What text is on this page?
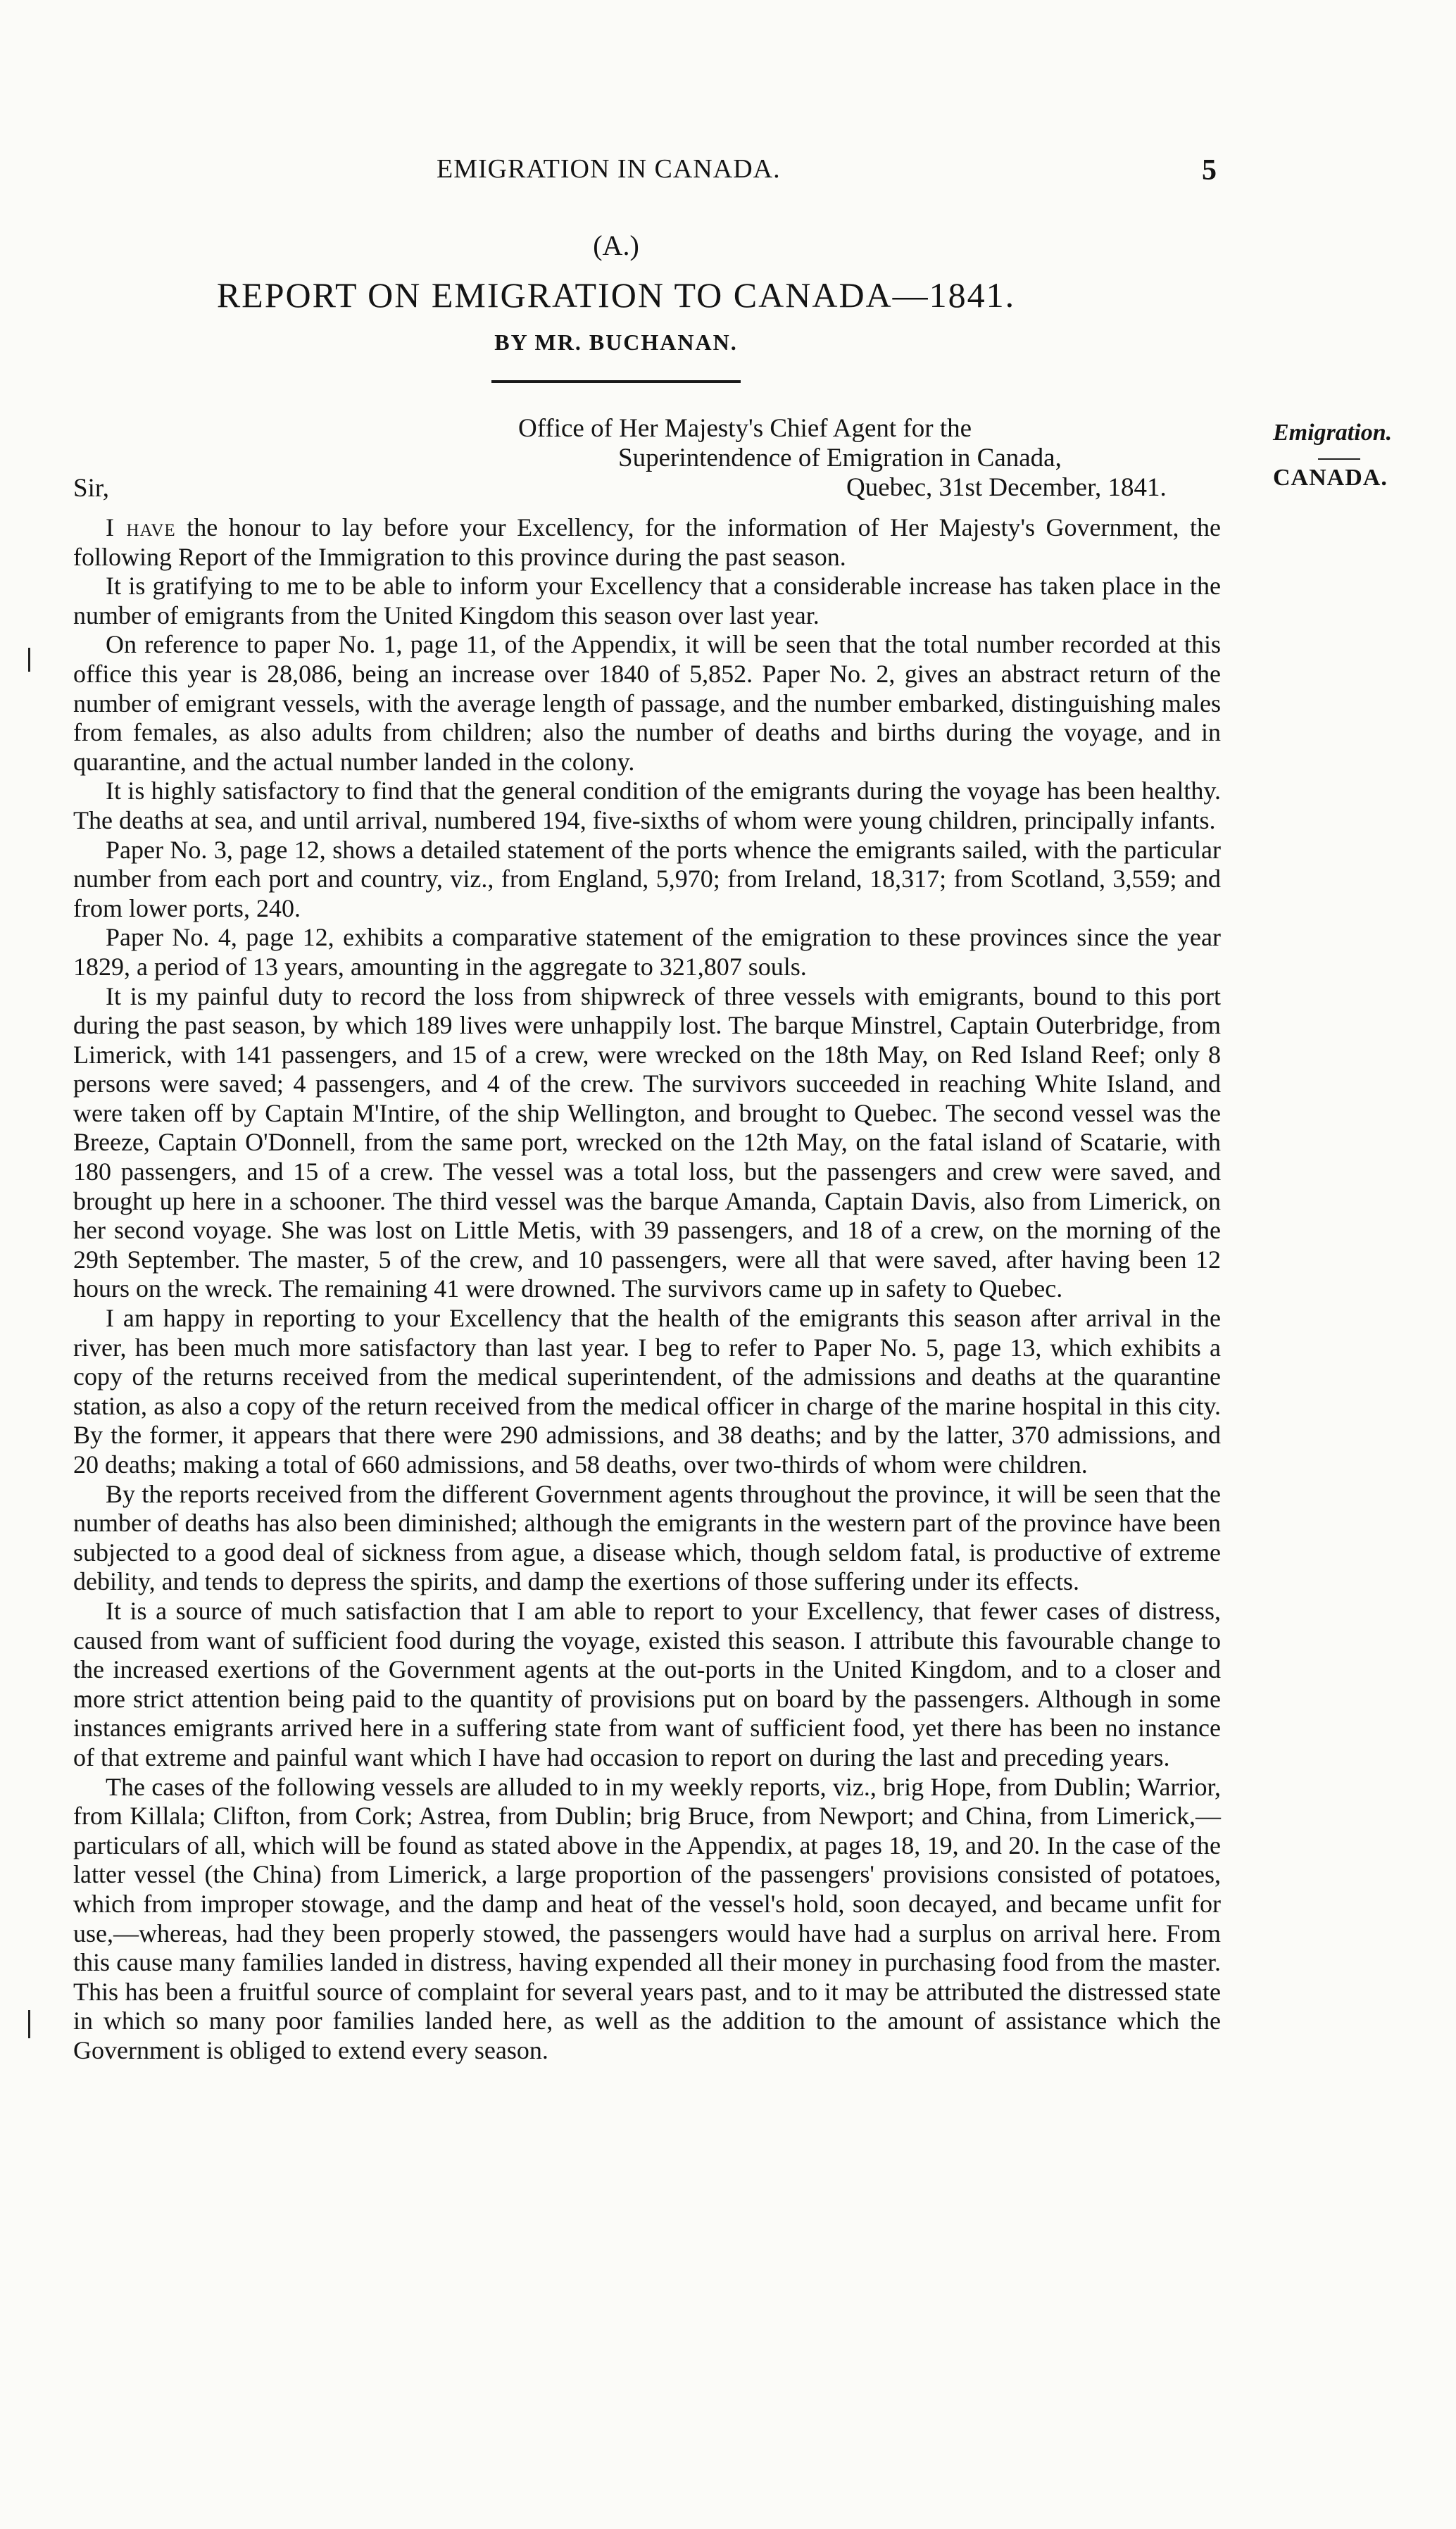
EMIGRATION IN CANADA.	5
(A.)
REPORT ON EMIGRATION TO CANADA—1841.
BY MR. BUCHANAN.
Office of Her Majesty's Chief Agent for the
Superintendence of Emigration in Canada,
Quebec, 31st December, 1841.
Sir,
Emigration.
CANADA.

I have the honour to lay before your Excellency, for the information of Her Majesty's Government, the following Report of the Immigration to this province during the past season.

It is gratifying to me to be able to inform your Excellency that a considerable increase has taken place in the number of emigrants from the United Kingdom this season over last year.

On reference to paper No. 1, page 11, of the Appendix, it will be seen that the total number recorded at this office this year is 28,086, being an increase over 1840 of 5,852. Paper No. 2, gives an abstract return of the number of emigrant vessels, with the average length of passage, and the number embarked, distinguishing males from females, as also adults from children; also the number of deaths and births during the voyage, and in quarantine, and the actual number landed in the colony.

It is highly satisfactory to find that the general condition of the emigrants during the voyage has been healthy. The deaths at sea, and until arrival, numbered 194, five-sixths of whom were young children, principally infants.

Paper No. 3, page 12, shows a detailed statement of the ports whence the emigrants sailed, with the particular number from each port and country, viz., from England, 5,970; from Ireland, 18,317; from Scotland, 3,559; and from lower ports, 240.

Paper No. 4, page 12, exhibits a comparative statement of the emigration to these provinces since the year 1829, a period of 13 years, amounting in the aggregate to 321,807 souls.

It is my painful duty to record the loss from shipwreck of three vessels with emigrants, bound to this port during the past season, by which 189 lives were unhappily lost. The barque Minstrel, Captain Outerbridge, from Limerick, with 141 passengers, and 15 of a crew, were wrecked on the 18th May, on Red Island Reef; only 8 persons were saved; 4 passengers, and 4 of the crew. The survivors succeeded in reaching White Island, and were taken off by Captain M'Intire, of the ship Wellington, and brought to Quebec. The second vessel was the Breeze, Captain O'Donnell, from the same port, wrecked on the 12th May, on the fatal island of Scatarie, with 180 passengers, and 15 of a crew. The vessel was a total loss, but the passengers and crew were saved, and brought up here in a schooner. The third vessel was the barque Amanda, Captain Davis, also from Limerick, on her second voyage. She was lost on Little Metis, with 39 passengers, and 18 of a crew, on the morning of the 29th September. The master, 5 of the crew, and 10 passengers, were all that were saved, after having been 12 hours on the wreck. The remaining 41 were drowned. The survivors came up in safety to Quebec.

I am happy in reporting to your Excellency that the health of the emigrants this season after arrival in the river, has been much more satisfactory than last year. I beg to refer to Paper No. 5, page 13, which exhibits a copy of the returns received from the medical superintendent, of the admissions and deaths at the quarantine station, as also a copy of the return received from the medical officer in charge of the marine hospital in this city. By the former, it appears that there were 290 admissions, and 38 deaths; and by the latter, 370 admissions, and 20 deaths; making a total of 660 admissions, and 58 deaths, over two-thirds of whom were children.

By the reports received from the different Government agents throughout the province, it will be seen that the number of deaths has also been diminished; although the emigrants in the western part of the province have been subjected to a good deal of sickness from ague, a disease which, though seldom fatal, is productive of extreme debility, and tends to depress the spirits, and damp the exertions of those suffering under its effects.

It is a source of much satisfaction that I am able to report to your Excellency, that fewer cases of distress, caused from want of sufficient food during the voyage, existed this season. I attribute this favourable change to the increased exertions of the Government agents at the out-ports in the United Kingdom, and to a closer and more strict attention being paid to the quantity of provisions put on board by the passengers. Although in some instances emigrants arrived here in a suffering state from want of sufficient food, yet there has been no instance of that extreme and painful want which I have had occasion to report on during the last and preceding years.

The cases of the following vessels are alluded to in my weekly reports, viz., brig Hope, from Dublin; Warrior, from Killala; Clifton, from Cork; Astrea, from Dublin; brig Bruce, from Newport; and China, from Limerick,—particulars of all, which will be found as stated above in the Appendix, at pages 18, 19, and 20. In the case of the latter vessel (the China) from Limerick, a large proportion of the passengers' provisions consisted of potatoes, which from improper stowage, and the damp and heat of the vessel's hold, soon decayed, and became unfit for use,—whereas, had they been properly stowed, the passengers would have had a surplus on arrival here. From this cause many families landed in distress, having expended all their money in purchasing food from the master. This has been a fruitful source of complaint for several years past, and to it may be attributed the distressed state in which so many poor families landed here, as well as the addition to the amount of assistance which the Government is obliged to extend every season.
